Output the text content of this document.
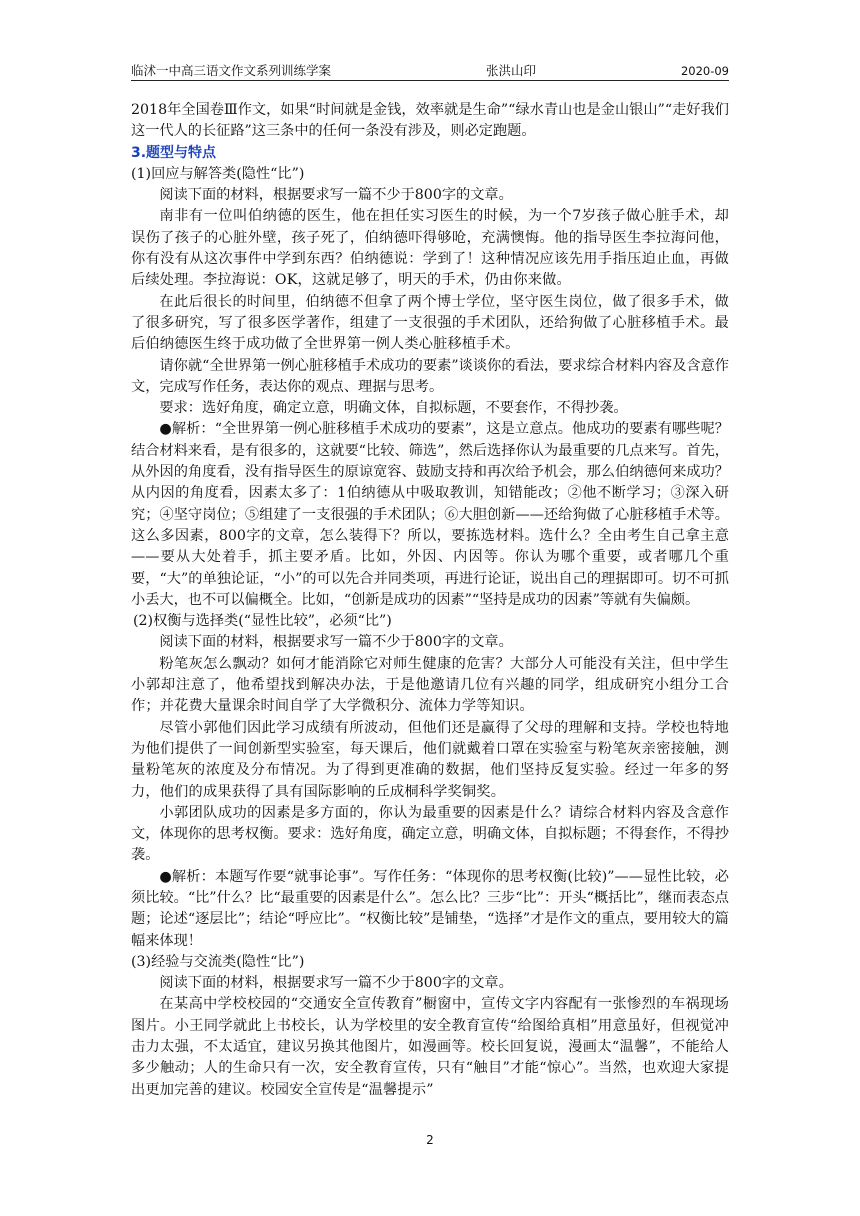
临沭一中高三语文作文系列训练学案	张洪山印	2020-09

2018年全国卷Ⅲ作文，如果“时间就是金钱，效率就是生命”“绿水青山也是金山银山”“走好我们这一代人的长征路”这三条中的任何一条没有涉及，则必定跑题。

3.题型与特点

(1)回应与解答类(隐性“比”)

阅读下面的材料，根据要求写一篇不少于800字的文章。

南非有一位叫伯纳德的医生，他在担任实习医生的时候，为一个7岁孩子做心脏手术，却误伤了孩子的心脏外壁，孩子死了，伯纳德吓得够呛，充满懊悔。他的指导医生李拉海问他，你有没有从这次事件中学到东西？伯纳德说：学到了！这种情况应该先用手指压迫止血，再做后续处理。李拉海说：OK，这就足够了，明天的手术，仍由你来做。

在此后很长的时间里，伯纳德不但拿了两个博士学位，坚守医生岗位，做了很多手术，做了很多研究，写了很多医学著作，组建了一支很强的手术团队，还给狗做了心脏移植手术。最后伯纳德医生终于成功做了全世界第一例人类心脏移植手术。

请你就“全世界第一例心脏移植手术成功的要素”谈谈你的看法，要求综合材料内容及含意作文，完成写作任务，表达你的观点、理据与思考。

要求：选好角度，确定立意，明确文体，自拟标题，不要套作，不得抄袭。

●解析：“全世界第一例心脏移植手术成功的要素”，这是立意点。他成功的要素有哪些呢？结合材料来看，是有很多的，这就要“比较、筛选”，然后选择你认为最重要的几点来写。首先，从外因的角度看，没有指导医生的原谅宽容、鼓励支持和再次给予机会，那么伯纳德何来成功？从内因的角度看，因素太多了：1伯纳德从中吸取教训，知错能改；②他不断学习；③深入研究；④坚守岗位；⑤组建了一支很强的手术团队；⑥大胆创新——还给狗做了心脏移植手术等。这么多因素，800字的文章，怎么装得下？所以，要拣选材料。选什么？全由考生自己拿主意——要从大处着手，抓主要矛盾。比如，外因、内因等。你认为哪个重要，或者哪几个重要，“大”的单独论证，“小”的可以先合并同类项，再进行论证，说出自己的理据即可。切不可抓小丢大，也不可以偏概全。比如，“创新是成功的因素”“坚持是成功的因素”等就有失偏颇。

(2)权衡与选择类(“显性比较”，必须“比”)

阅读下面的材料，根据要求写一篇不少于800字的文章。

粉笔灰怎么飘动？如何才能消除它对师生健康的危害？大部分人可能没有关注，但中学生小郭却注意了，他希望找到解决办法，于是他邀请几位有兴趣的同学，组成研究小组分工合作；并花费大量课余时间自学了大学微积分、流体力学等知识。

尽管小郭他们因此学习成绩有所波动，但他们还是赢得了父母的理解和支持。学校也特地为他们提供了一间创新型实验室，每天课后，他们就戴着口罩在实验室与粉笔灰亲密接触，测量粉笔灰的浓度及分布情况。为了得到更准确的数据，他们坚持反复实验。经过一年多的努力，他们的成果获得了具有国际影响的丘成桐科学奖铜奖。

小郭团队成功的因素是多方面的，你认为最重要的因素是什么？请综合材料内容及含意作文，体现你的思考权衡。要求：选好角度，确定立意，明确文体，自拟标题；不得套作，不得抄袭。

●解析：本题写作要“就事论事”。写作任务：“体现你的思考权衡(比较)”——显性比较，必须比较。“比”什么？比“最重要的因素是什么”。怎么比？三步“比”：开头“概括比”，继而表态点题；论述“逐层比”；结论“呼应比”。“权衡比较”是铺垫，“选择”才是作文的重点，要用较大的篇幅来体现！

(3)经验与交流类(隐性“比”)

阅读下面的材料，根据要求写一篇不少于800字的文章。

在某高中学校校园的“交通安全宣传教育”橱窗中，宣传文字内容配有一张惨烈的车祸现场图片。小王同学就此上书校长，认为学校里的安全教育宣传“给图给真相”用意虽好，但视觉冲击力太强，不太适宜，建议另换其他图片，如漫画等。校长回复说，漫画太“温馨”，不能给人多少触动；人的生命只有一次，安全教育宣传，只有“触目”才能“惊心”。当然，也欢迎大家提出更加完善的建议。校园安全宣传是“温馨提示”

2
